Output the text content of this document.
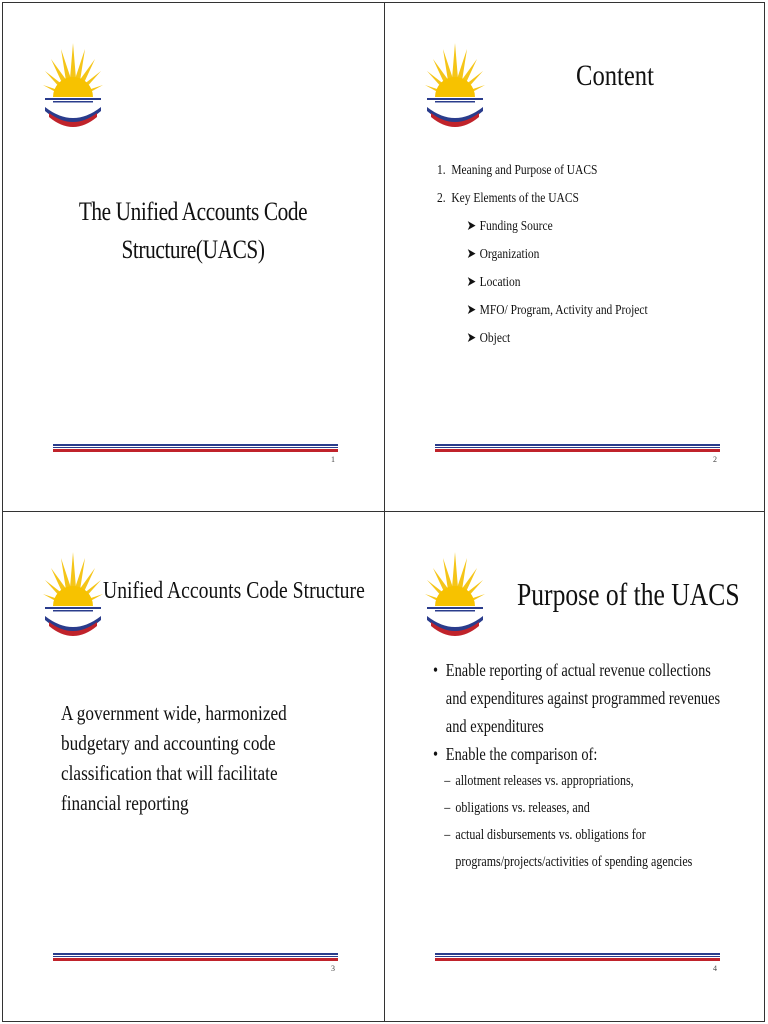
The Unified Accounts Code Structure(UACS)
1
Content
1. Meaning and Purpose of UACS
2. Key Elements of the UACS
➤ Funding Source
➤ Organization
➤ Location
➤ MFO/ Program, Activity and Project
➤ Object
2
Unified Accounts Code Structure
A government wide, harmonized budgetary and accounting code classification that will facilitate financial reporting
3
Purpose of the UACS
• Enable reporting of actual revenue collections and expenditures against programmed revenues and expenditures
• Enable the comparison of:
– allotment releases vs. appropriations,
– obligations vs. releases, and
– actual disbursements vs. obligations for programs/projects/activities of spending agencies
4
